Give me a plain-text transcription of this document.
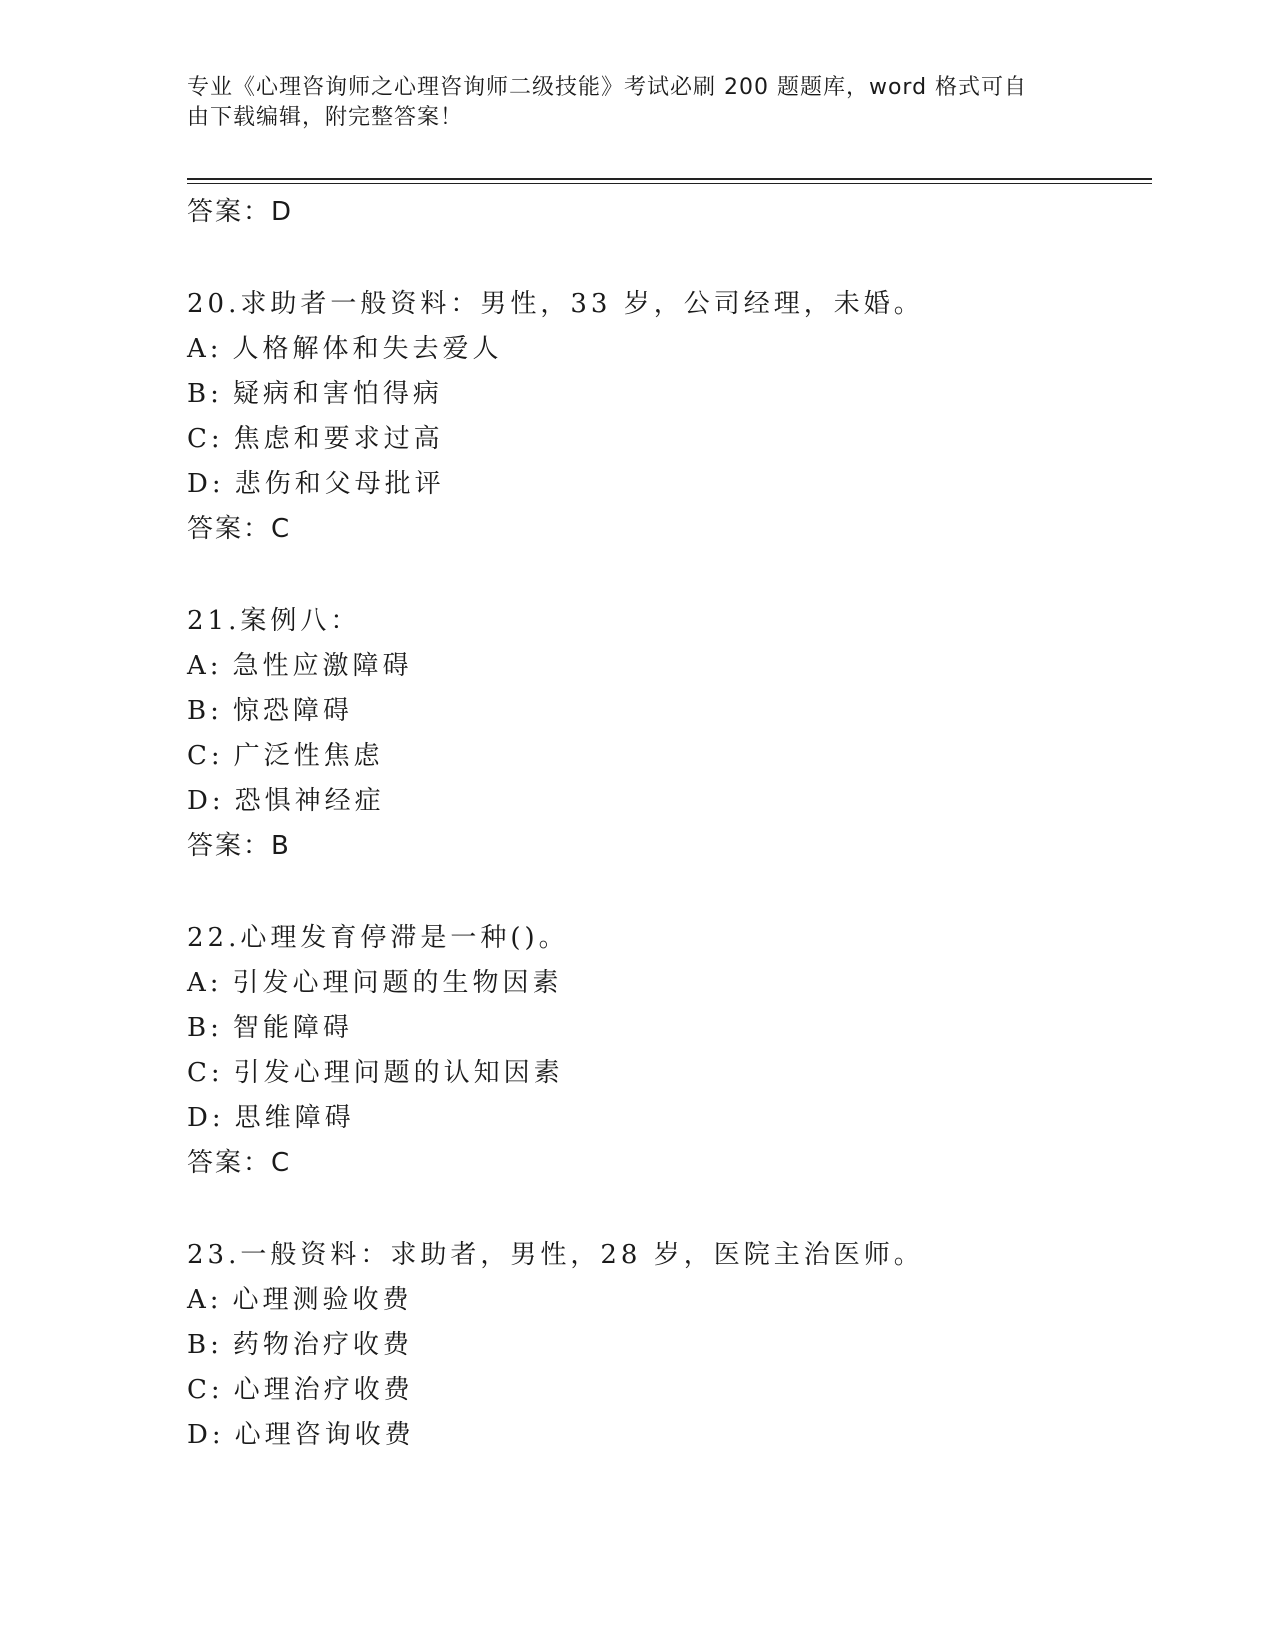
专业《心理咨询师之心理咨询师二级技能》考试必刷 200 题题库，word 格式可自
由下载编辑，附完整答案！
答案：D
20.求助者一般资料：男性，33 岁，公司经理，未婚。
A: 人格解体和失去爱人
B: 疑病和害怕得病
C: 焦虑和要求过高
D: 悲伤和父母批评
答案：C
21.案例八：
A: 急性应激障碍
B: 惊恐障碍
C: 广泛性焦虑
D: 恐惧神经症
答案：B
22.心理发育停滞是一种()。
A: 引发心理问题的生物因素
B: 智能障碍
C: 引发心理问题的认知因素
D: 思维障碍
答案：C
23.一般资料：求助者，男性，28 岁，医院主治医师。
A: 心理测验收费
B: 药物治疗收费
C: 心理治疗收费
D: 心理咨询收费
